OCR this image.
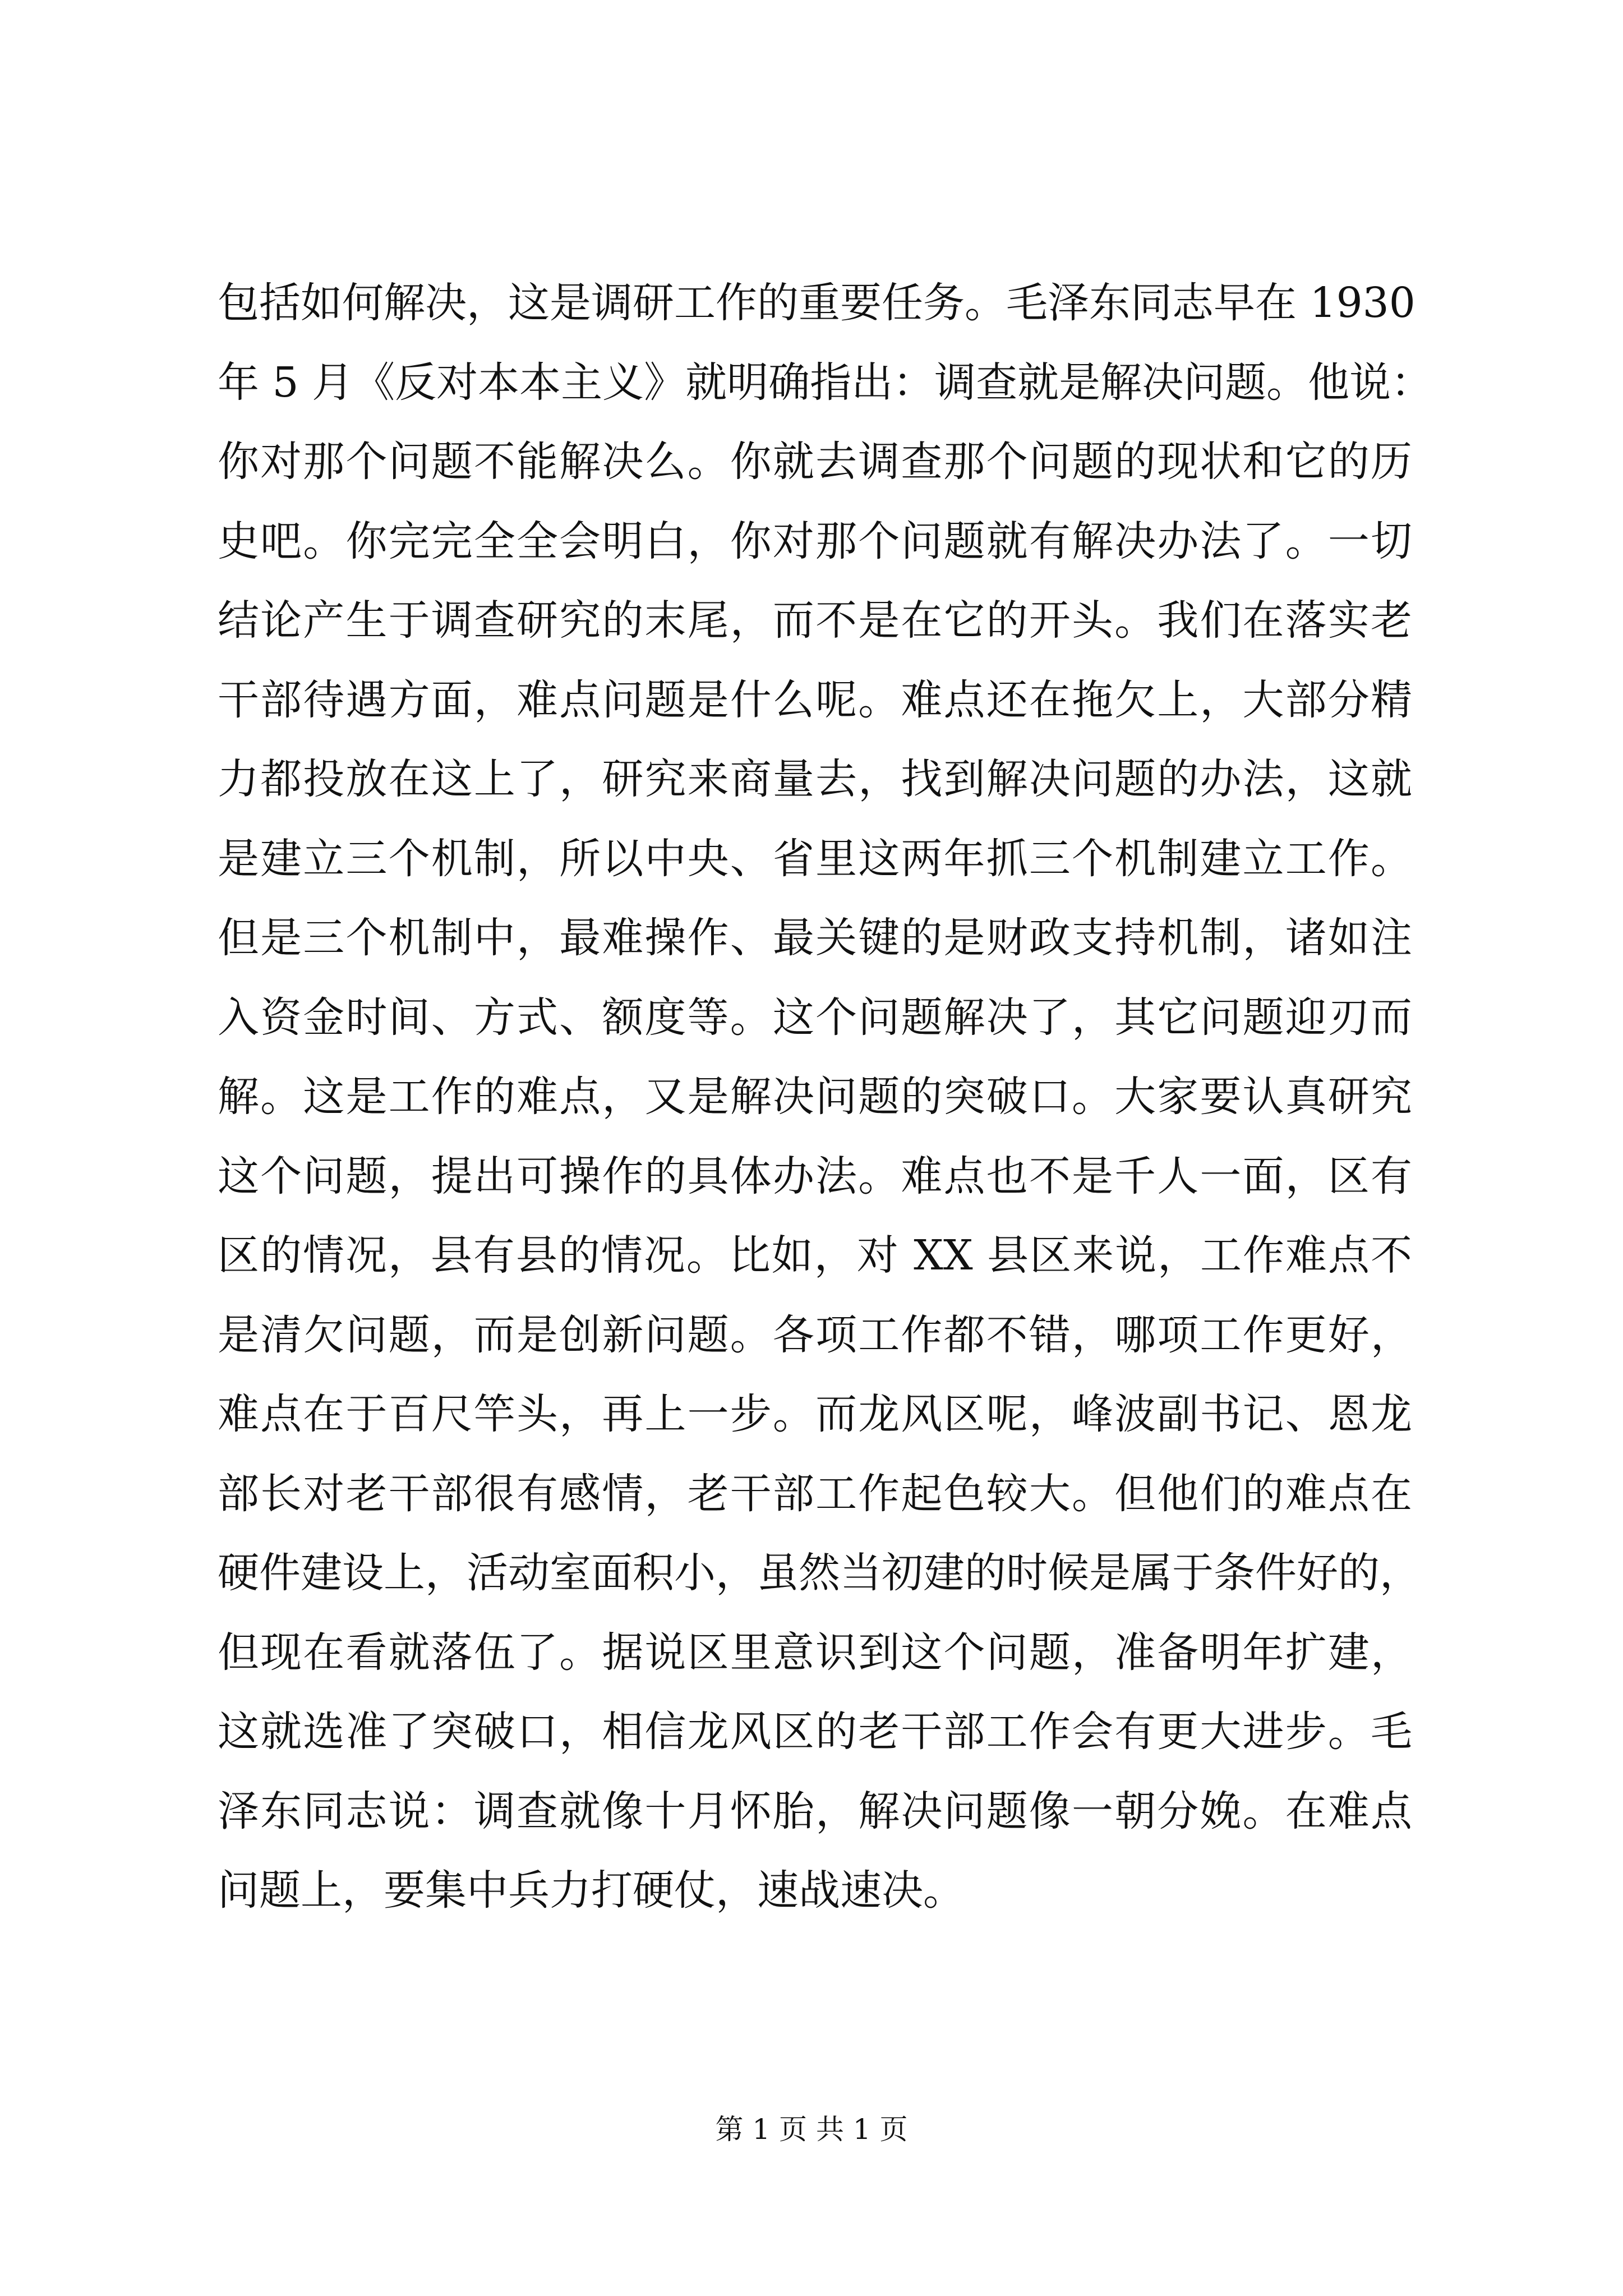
包括如何解决，这是调研工作的重要任务。毛泽东同志早在 1930
年 5 月《反对本本主义》就明确指出：调查就是解决问题。他说：
你对那个问题不能解决么。你就去调查那个问题的现状和它的历
史吧。你完完全全会明白，你对那个问题就有解决办法了。一切
结论产生于调查研究的末尾，而不是在它的开头。我们在落实老
干部待遇方面，难点问题是什么呢。难点还在拖欠上，大部分精
力都投放在这上了，研究来商量去，找到解决问题的办法，这就
是建立三个机制，所以中央、省里这两年抓三个机制建立工作。
但是三个机制中，最难操作、最关键的是财政支持机制，诸如注
入资金时间、方式、额度等。这个问题解决了，其它问题迎刃而
解。这是工作的难点，又是解决问题的突破口。大家要认真研究
这个问题，提出可操作的具体办法。难点也不是千人一面，区有
区的情况，县有县的情况。比如，对 XX 县区来说，工作难点不
是清欠问题，而是创新问题。各项工作都不错，哪项工作更好，
难点在于百尺竿头，再上一步。而龙风区呢，峰波副书记、恩龙
部长对老干部很有感情，老干部工作起色较大。但他们的难点在
硬件建设上，活动室面积小，虽然当初建的时候是属于条件好的，
但现在看就落伍了。据说区里意识到这个问题，准备明年扩建，
这就选准了突破口，相信龙风区的老干部工作会有更大进步。毛
泽东同志说：调查就像十月怀胎，解决问题像一朝分娩。在难点
问题上，要集中兵力打硬仗，速战速决。
第 1 页 共 1 页
